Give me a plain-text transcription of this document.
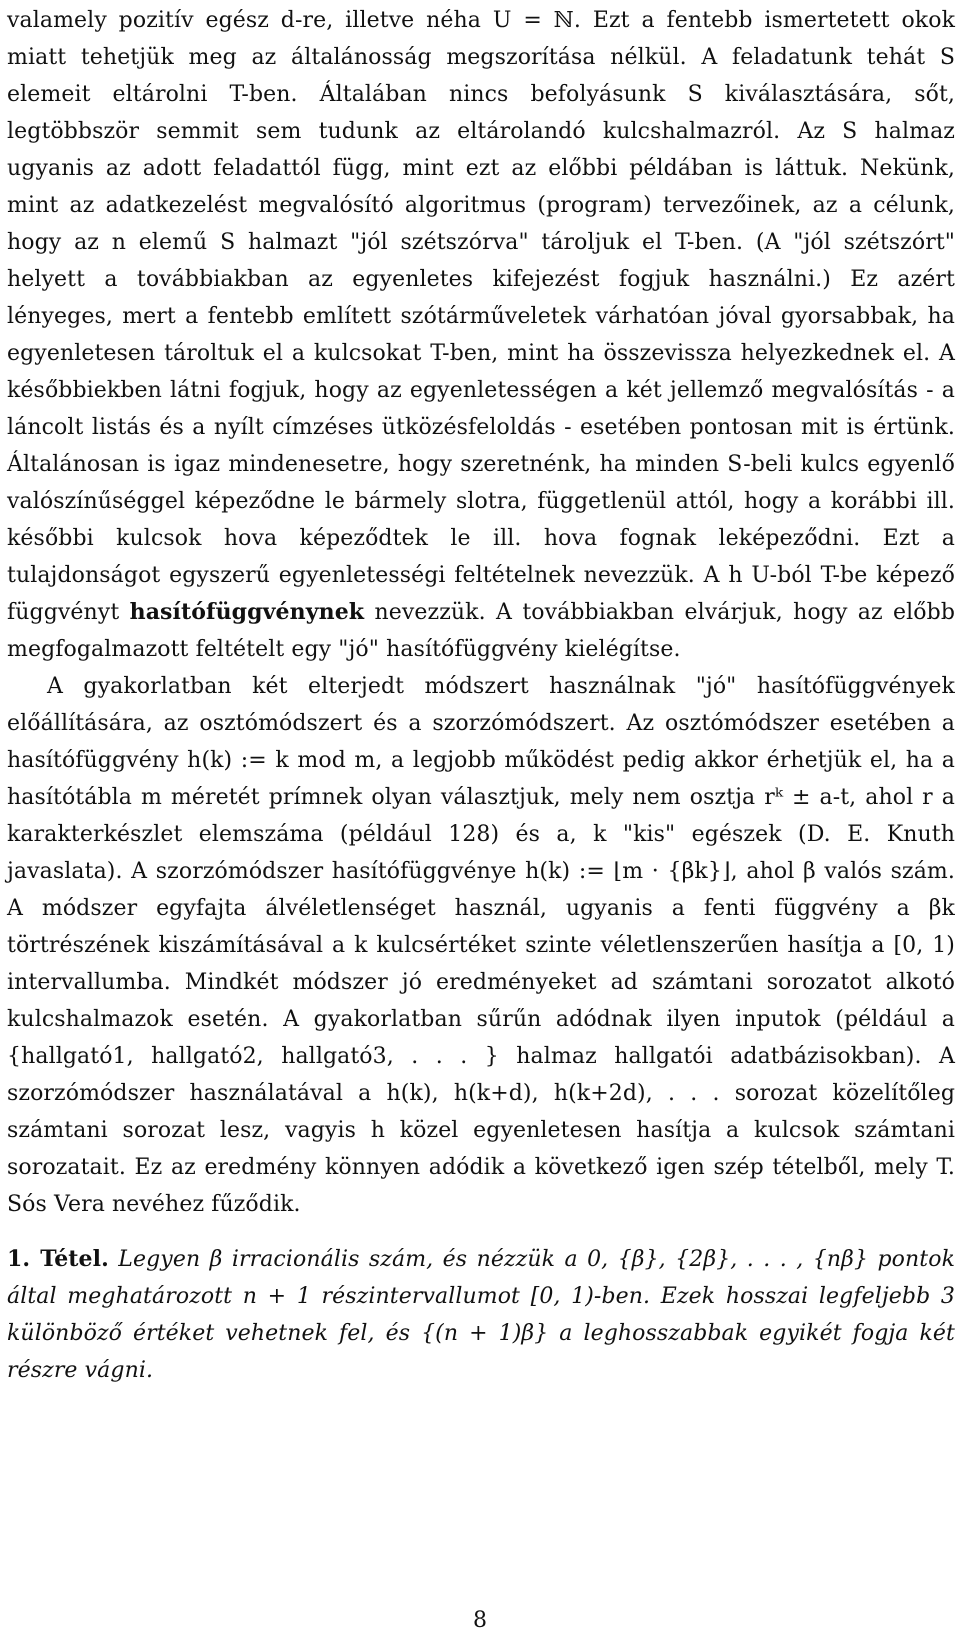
valamely pozitív egész d-re, illetve néha U = ℕ. Ezt a fentebb ismertetett okok miatt tehetjük meg az általánosság megszorítása nélkül. A feladatunk tehát S elemeit eltárolni T-ben. Általában nincs befolyásunk S kiválasztására, sőt, legtöbbször semmit sem tudunk az eltárolandó kulcshalmazról. Az S halmaz ugyanis az adott feladattól függ, mint ezt az előbbi példában is láttuk. Nekünk, mint az adatkezelést megvalósító algoritmus (program) tervezőinek, az a célunk, hogy az n elemű S halmazt "jól szétszórva" tároljuk el T-ben. (A "jól szétszórt" helyett a továbbiakban az egyenletes kifejezést fogjuk használni.) Ez azért lényeges, mert a fentebb említett szótárműveletek várhatóan jóval gyorsabbak, ha egyenletesen tároltuk el a kulcsokat T-ben, mint ha összevissza helyezkednek el. A későbbiekben látni fogjuk, hogy az egyenletességen a két jellemző megvalósítás - a láncolt listás és a nyílt címzéses ütközésfeloldás - esetében pontosan mit is értünk. Általánosan is igaz mindenesetre, hogy szeretnénk, ha minden S-beli kulcs egyenlő valószínűséggel képeződne le bármely slotra, függetlenül attól, hogy a korábbi ill. későbbi kulcsok hova képeződtek le ill. hova fognak leképeződni. Ezt a tulajdonságot egyszerű egyenletességi feltételnek nevezzük. A h U-ból T-be képező függvényt hasítófüggvénynek nevezzük. A továbbiakban elvárjuk, hogy az előbb megfogalmazott feltételt egy "jó" hasítófüggvény kielégítse.

A gyakorlatban két elterjedt módszert használnak "jó" hasítófüggvények előállítására, az osztómódszert és a szorzómódszert. Az osztómódszer esetében a hasítófüggvény h(k) := k mod m, a legjobb működést pedig akkor érhetjük el, ha a hasítótábla m méretét prímnek olyan választjuk, mely nem osztja rᵏ ± a-t, ahol r a karakterkészlet elemszáma (például 128) és a, k "kis" egészek (D. E. Knuth javaslata). A szorzómódszer hasítófüggvénye h(k) := ⌊m · {βk}⌋, ahol β valós szám. A módszer egyfajta álvéletlenséget használ, ugyanis a fenti függvény a βk törtrészének kiszámításával a k kulcsértéket szinte véletlenszerűen hasítja a [0, 1) intervallumba. Mindkét módszer jó eredményeket ad számtani sorozatot alkotó kulcshalmazok esetén. A gyakorlatban sűrűn adódnak ilyen inputok (például a {hallgató1, hallgató2, hallgató3, . . . } halmaz hallgatói adatbázisokban). A szorzómódszer használatával a h(k), h(k+d), h(k+2d), . . . sorozat közelítőleg számtani sorozat lesz, vagyis h közel egyenletesen hasítja a kulcsok számtani sorozatait. Ez az eredmény könnyen adódik a következő igen szép tételből, mely T. Sós Vera nevéhez fűződik.

1. Tétel. Legyen β irracionális szám, és nézzük a 0, {β}, {2β}, . . . , {nβ} pontok által meghatározott n + 1 részintervallumot [0, 1)-ben. Ezek hosszai legfeljebb 3 különböző értéket vehetnek fel, és {(n + 1)β} a leghosszabbak egyikét fogja két részre vágni.

8
